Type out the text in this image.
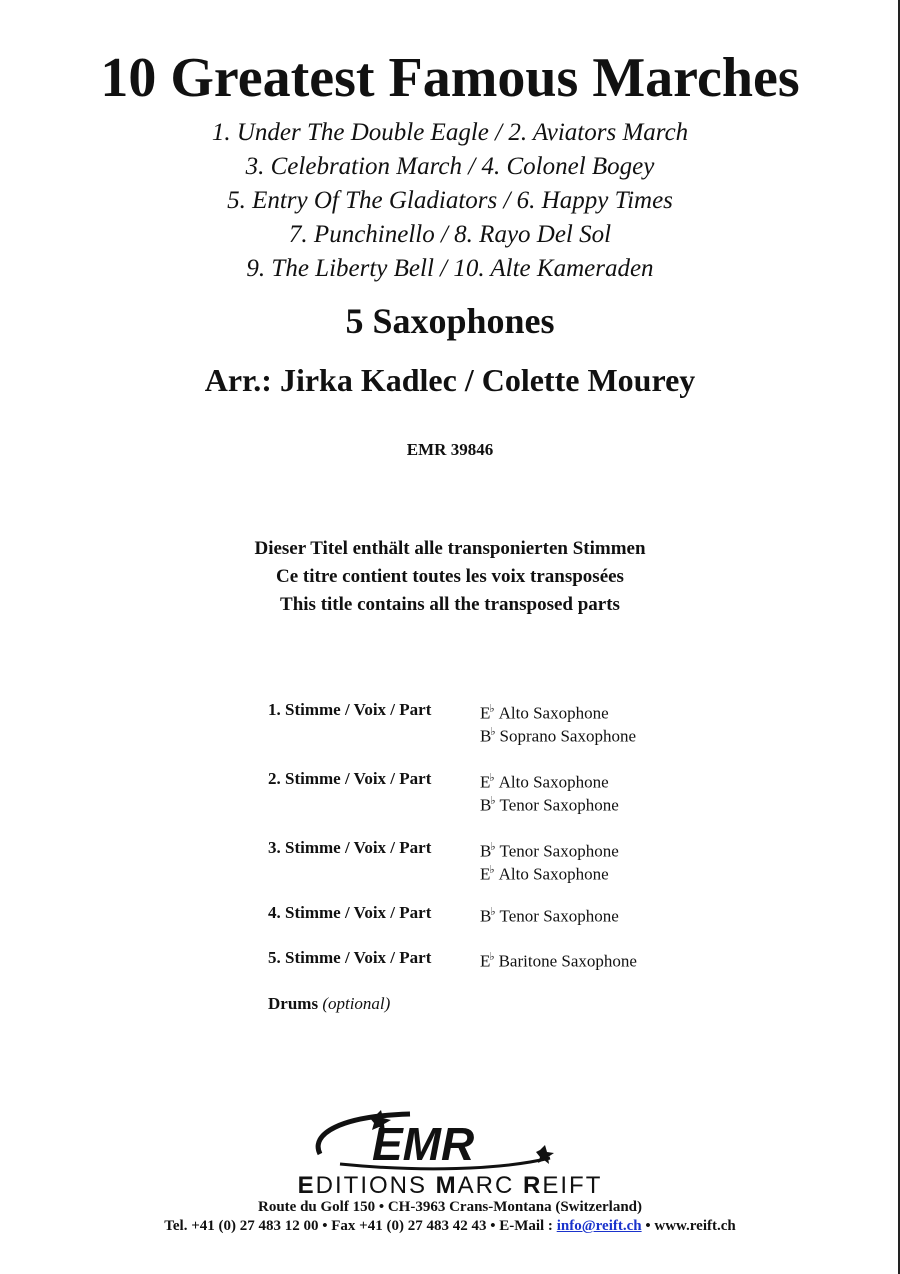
10 Greatest Famous Marches
1. Under The Double Eagle / 2. Aviators March
3. Celebration March / 4. Colonel Bogey
5. Entry Of The Gladiators / 6. Happy Times
7. Punchinello / 8. Rayo Del Sol
9. The Liberty Bell / 10. Alte Kameraden
5 Saxophones
Arr.: Jirka Kadlec / Colette Mourey
EMR 39846
Dieser Titel enthält alle transponierten Stimmen
Ce titre contient toutes les voix transposées
This title contains all the transposed parts
1. Stimme / Voix / Part	E♭ Alto Saxophone
B♭ Soprano Saxophone
2. Stimme / Voix / Part	E♭ Alto Saxophone
B♭ Tenor Saxophone
3. Stimme / Voix / Part	B♭ Tenor Saxophone
E♭ Alto Saxophone
4. Stimme / Voix / Part	B♭ Tenor Saxophone
5. Stimme / Voix / Part	E♭ Baritone Saxophone
Drums
(optional)
EMR
EDITIONS MARC REIFT
Route du Golf 150 • CH-3963 Crans-Montana (Switzerland)
Tel. +41 (0) 27 483 12 00 • Fax +41 (0) 27 483 42 43 • E-Mail : info@reift.ch • www.reift.ch
